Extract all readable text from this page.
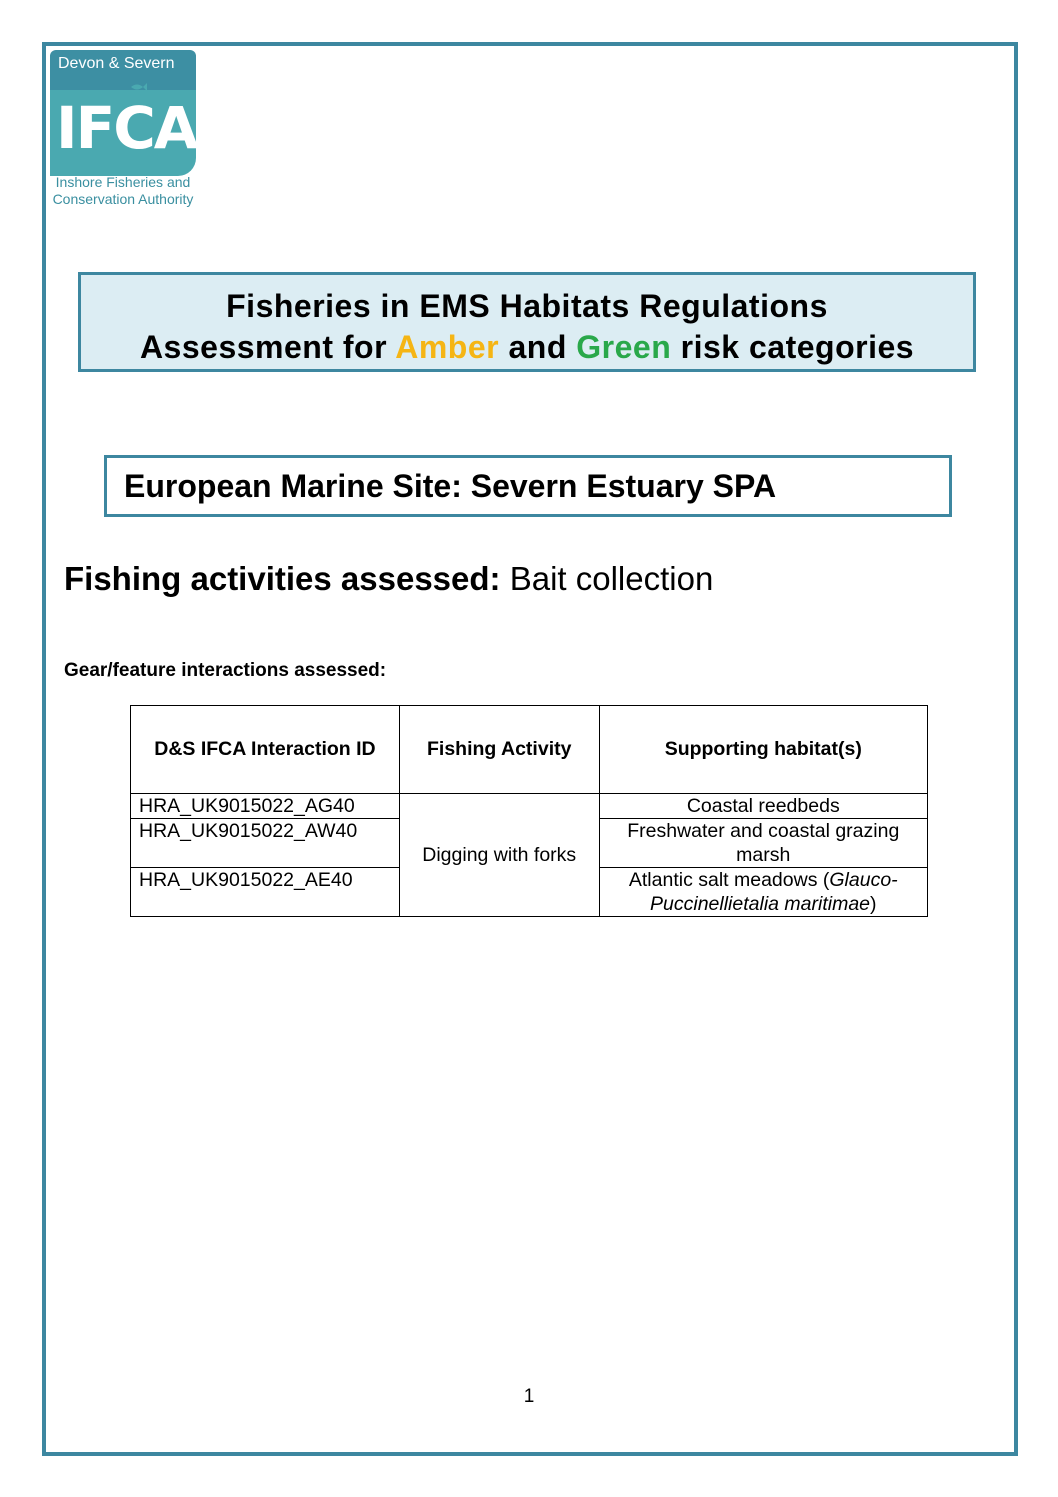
Devon & Severn
IFCA
Inshore Fisheries and
Conservation Authority
Fisheries in EMS Habitats Regulations
Assessment for Amber and Green risk categories
European Marine Site: Severn Estuary SPA
Fishing activities assessed: Bait collection
Gear/feature interactions assessed:
D&S IFCA Interaction ID	Fishing Activity	Supporting habitat(s)
HRA_UK9015022_AG40	Digging with forks	Coastal reedbeds
HRA_UK9015022_AW40		Freshwater and coastal grazing
marsh
HRA_UK9015022_AE40		Atlantic salt meadows (Glauco-
Puccinellietalia maritimae)
1
